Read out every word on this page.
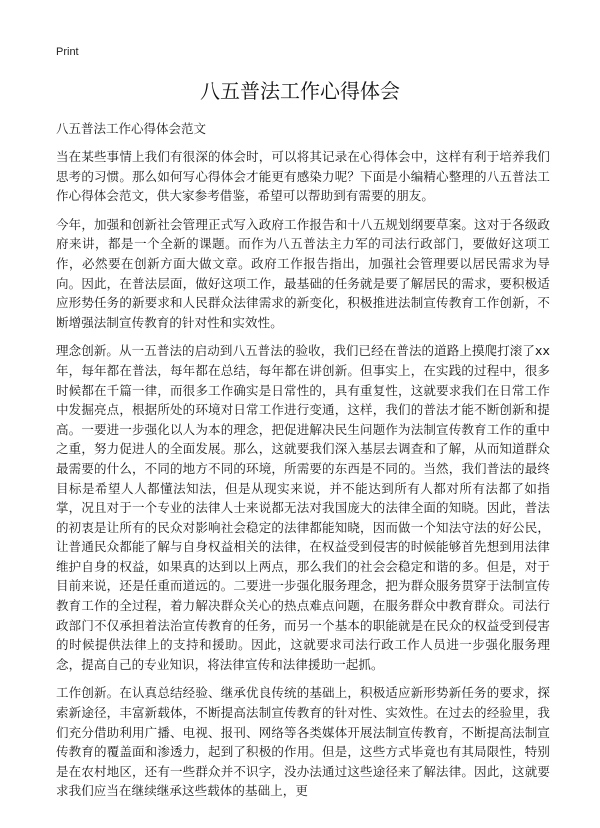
Print
八五普法工作心得体会
八五普法工作心得体会范文

当在某些事情上我们有很深的体会时，可以将其记录在心得体会中，这样有利于培养我们思考的习惯。那么如何写心得体会才能更有感染力呢？下面是小编精心整理的八五普法工作心得体会范文，供大家参考借鉴，希望可以帮助到有需要的朋友。

今年，加强和创新社会管理正式写入政府工作报告和十八五规划纲要草案。这对于各级政府来讲，都是一个全新的课题。而作为八五普法主力军的司法行政部门，要做好这项工作，必然要在创新方面大做文章。政府工作报告指出，加强社会管理要以居民需求为导向。因此，在普法层面，做好这项工作，最基础的任务就是要了解居民的需求，要积极适应形势任务的新要求和人民群众法律需求的新变化，积极推进法制宣传教育工作创新，不断增强法制宣传教育的针对性和实效性。

理念创新。从一五普法的启动到八五普法的验收，我们已经在普法的道路上摸爬打滚了xx年，每年都在普法，每年都在总结，每年都在讲创新。但事实上，在实践的过程中，很多时候都在千篇一律，而很多工作确实是日常性的，具有重复性，这就要求我们在日常工作中发掘亮点，根据所处的环境对日常工作进行变通，这样，我们的普法才能不断创新和提高。一要进一步强化以人为本的理念，把促进解决民生问题作为法制宣传教育工作的重中之重，努力促进人的全面发展。那么，这就要我们深入基层去调查和了解，从而知道群众最需要的什么，不同的地方不同的环境，所需要的东西是不同的。当然，我们普法的最终目标是希望人人都懂法知法，但是从现实来说，并不能达到所有人都对所有法都了如指掌，况且对于一个专业的法律人士来说都无法对我国庞大的法律全面的知晓。因此，普法的初衷是让所有的民众对影响社会稳定的法律都能知晓，因而做一个知法守法的好公民，让普通民众都能了解与自身权益相关的法律，在权益受到侵害的时候能够首先想到用法律维护自身的权益，如果真的达到以上两点，那么我们的社会会稳定和谐的多。但是，对于目前来说，还是任重而道远的。二要进一步强化服务理念，把为群众服务贯穿于法制宣传教育工作的全过程，着力解决群众关心的热点难点问题，在服务群众中教育群众。司法行政部门不仅承担着法治宣传教育的任务，而另一个基本的职能就是在民众的权益受到侵害的时候提供法律上的支持和援助。因此，这就要求司法行政工作人员进一步强化服务理念，提高自己的专业知识，将法律宣传和法律援助一起抓。

工作创新。在认真总结经验、继承优良传统的基础上，积极适应新形势新任务的要求，探索新途径，丰富新载体，不断提高法制宣传教育的针对性、实效性。在过去的经验里，我们充分借助利用广播、电视、报刊、网络等各类媒体开展法制宣传教育，不断提高法制宣传教育的覆盖面和渗透力，起到了积极的作用。但是，这些方式毕竟也有其局限性，特别是在农村地区，还有一些群众并不识字，没办法通过这些途径来了解法律。因此，这就要求我们应当在继续继承这些载体的基础上，更
